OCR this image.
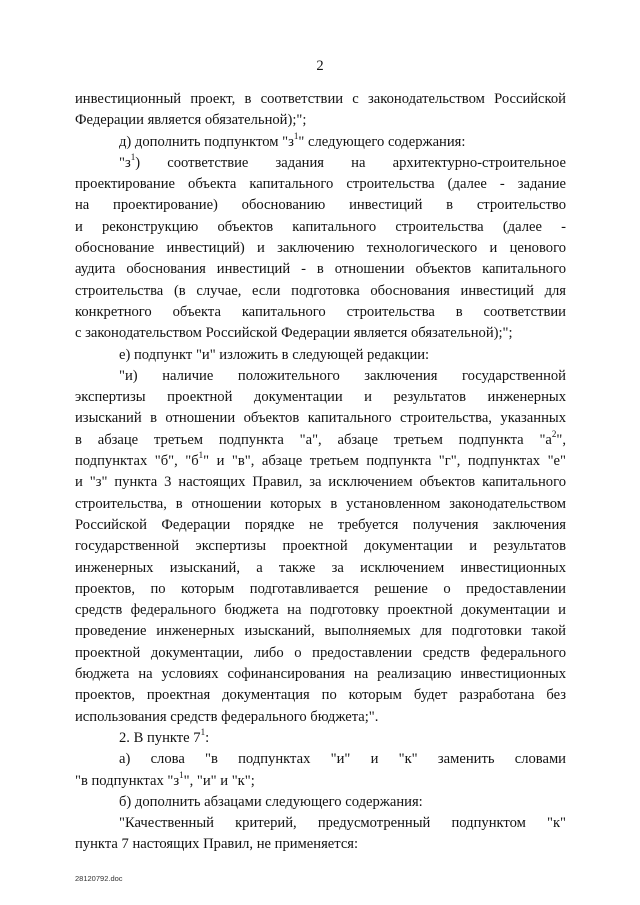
2
инвестиционный проект, в соответствии с законодательством Российской
Федерации является обязательной);";
д) дополнить подпунктом "$з^1$" следующего содержания:
"$з^1$) соответствие задания на архитектурно-строительное
проектирование объекта капитального строительства (далее - задание
на проектирование) обоснованию инвестиций в строительство
и реконструкцию объектов капитального строительства (далее -
обоснование инвестиций) и заключению технологического и ценового
аудита обоснования инвестиций - в отношении объектов капитального
строительства (в случае, если подготовка обоснования инвестиций для
конкретного объекта капитального строительства в соответствии
с законодательством Российской Федерации является обязательной);";
е) подпункт "и" изложить в следующей редакции:
"и) наличие положительного заключения государственной
экспертизы проектной документации и результатов инженерных
изысканий в отношении объектов капитального строительства, указанных
в абзаце третьем подпункта "а", абзаце третьем подпункта "$а^2$",
подпунктах "б", "$б^1$" и "в", абзаце третьем подпункта "г", подпунктах "е"
и "з" пункта 3 настоящих Правил, за исключением объектов капитального
строительства, в отношении которых в установленном законодательством
Российской Федерации порядке не требуется получения заключения
государственной экспертизы проектной документации и результатов
инженерных изысканий, а также за исключением инвестиционных
проектов, по которым подготавливается решение о предоставлении
средств федерального бюджета на подготовку проектной документации и
проведение инженерных изысканий, выполняемых для подготовки такой
проектной документации, либо о предоставлении средств федерального
бюджета на условиях софинансирования на реализацию инвестиционных
проектов, проектная документация по которым будет разработана без
использования средств федерального бюджета;".
2. В пункте $7^1$:
а) слова "в подпунктах "и" и "к" заменить словами
"в подпунктах "$з^1$", "и" и "к";
б) дополнить абзацами следующего содержания:
"Качественный критерий, предусмотренный подпунктом "к"
пункта 7 настоящих Правил, не применяется:
28120792.doc
